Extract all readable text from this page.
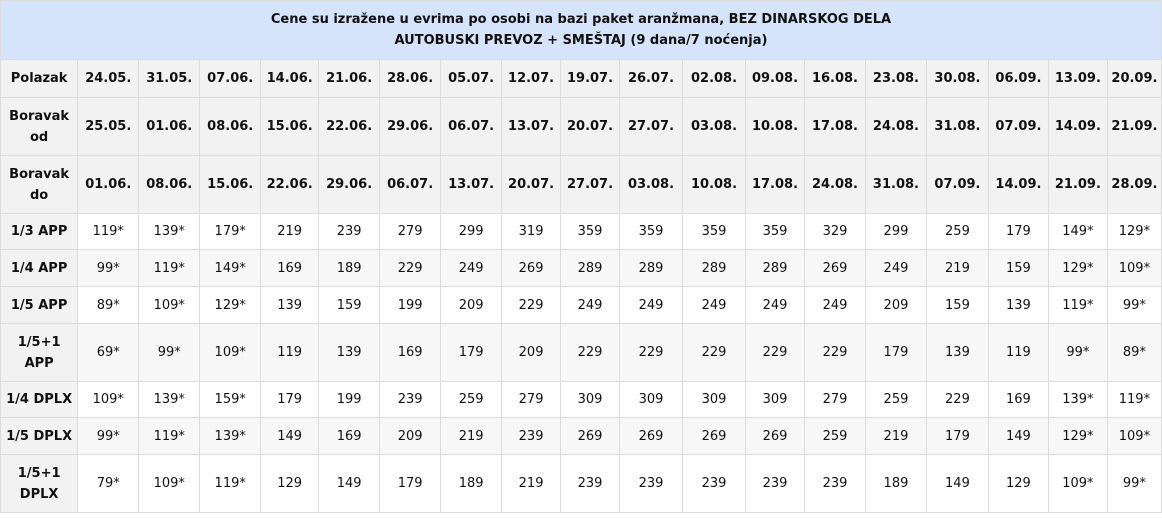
Cene su izražene u evrima po osobi na bazi paket aranžmana, BEZ DINARSKOG DELA
AUTOBUSKI PREVOZ + SMEŠTAJ (9 dana/7 noćenja)																		

Polazak	24.05.	31.05.	07.06.	14.06.	21.06.	28.06.	05.07.	12.07.	19.07.	26.07.	02.08.	09.08.	16.08.	23.08.	30.08.	06.09.	13.09.	20.09.
Boravak od	25.05.	01.06.	08.06.	15.06.	22.06.	29.06.	06.07.	13.07.	20.07.	27.07.	03.08.	10.08.	17.08.	24.08.	31.08.	07.09.	14.09.	21.09.
Boravak do	01.06.	08.06.	15.06.	22.06.	29.06.	06.07.	13.07.	20.07.	27.07.	03.08.	10.08.	17.08.	24.08.	31.08.	07.09.	14.09.	21.09.	28.09.
1/3 APP	119*	139*	179*	219	239	279	299	319	359	359	359	359	329	299	259	179	149*	129*
1/4 APP	99*	119*	149*	169	189	229	249	269	289	289	289	289	269	249	219	159	129*	109*
1/5 APP	89*	109*	129*	139	159	199	209	229	249	249	249	249	249	209	159	139	119*	99*
1/5+1 APP	69*	99*	109*	119	139	169	179	209	229	229	229	229	229	179	139	119	99*	89*
1/4 DPLX	109*	139*	159*	179	199	239	259	279	309	309	309	309	279	259	229	169	139*	119*
1/5 DPLX	99*	119*	139*	149	169	209	219	239	269	269	269	269	259	219	179	149	129*	109*
1/5+1 DPLX	79*	109*	119*	129	149	179	189	219	239	239	239	239	239	189	149	129	109*	99*
